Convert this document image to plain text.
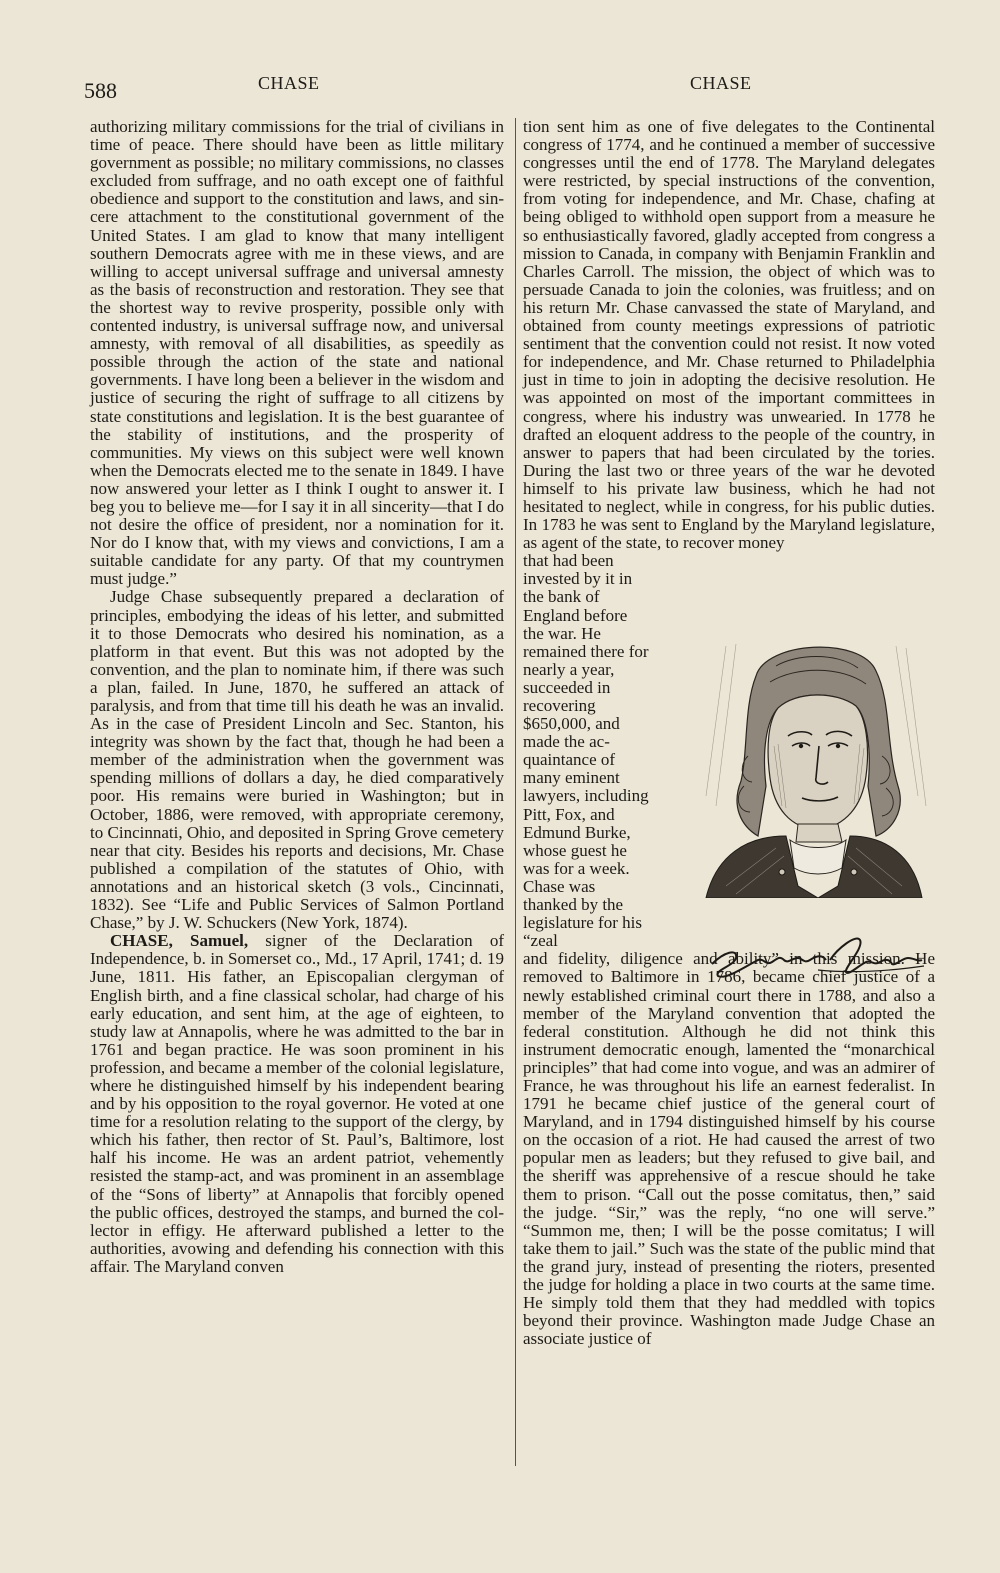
588	CHASE	CHASE

authorizing military commissions for the trial of civilians in time of peace. There should have been as little military government as possible; no military commissions, no classes excluded from suffrage, and no oath except one of faithful obedience and support to the constitution and laws, and sincere attachment to the constitutional government of the United States. I am glad to know that many intelligent southern Democrats agree with me in these views, and are willing to accept universal suffrage and universal amnesty as the basis of reconstruction and restoration. They see that the shortest way to revive prosperity, possible only with contented industry, is universal suffrage now, and universal amnesty, with removal of all disabilities, as speedily as possible through the action of the state and national governments. I have long been a believer in the wisdom and justice of securing the right of suffrage to all citizens by state constitutions and legislation. It is the best guarantee of the stability of institutions, and the prosperity of communities. My views on this subject were well known when the Democrats elected me to the senate in 1849. I have now answered your letter as I think I ought to answer it. I beg you to believe me—for I say it in all sincerity—that I do not desire the office of president, nor a nomination for it. Nor do I know that, with my views and convictions, I am a suitable candidate for any party. Of that my countrymen must judge.”

Judge Chase subsequently prepared a declaration of principles, embodying the ideas of his letter, and submitted it to those Democrats who desired his nomination, as a platform in that event. But this was not adopted by the convention, and the plan to nominate him, if there was such a plan, failed. In June, 1870, he suffered an attack of paralysis, and from that time till his death he was an invalid. As in the case of President Lincoln and Sec. Stanton, his integrity was shown by the fact that, though he had been a member of the administration when the government was spending millions of dollars a day, he died comparatively poor. His remains were buried in Washington; but in October, 1886, were removed, with appropriate ceremony, to Cincinnati, Ohio, and deposited in Spring Grove cemetery near that city. Besides his reports and decisions, Mr. Chase published a compilation of the statutes of Ohio, with annotations and an historical sketch (3 vols., Cincinnati, 1832). See “Life and Public Services of Salmon Portland Chase,” by J. W. Schuckers (New York, 1874).

CHASE, Samuel, signer of the Declaration of Independence, b. in Somerset co., Md., 17 April, 1741; d. 19 June, 1811. His father, an Episcopalian clergyman of English birth, and a fine classical scholar, had charge of his early education, and sent him, at the age of eighteen, to study law at Annapolis, where he was admitted to the bar in 1761 and began practice. He was soon prominent in his profession, and became a member of the colonial legislature, where he distinguished himself by his independent bearing and by his opposition to the royal governor. He voted at one time for a resolution relating to the support of the clergy, by which his father, then rector of St. Paul’s, Baltimore, lost half his income. He was an ardent patriot, vehemently resisted the stamp-act, and was prominent in an assemblage of the “Sons of liberty” at Annapolis that forcibly opened the public offices, destroyed the stamps, and burned the collector in effigy. He afterward published a letter to the authorities, avowing and defending his connection with this affair. The Maryland conven

tion sent him as one of five delegates to the Continental congress of 1774, and he continued a member of successive congresses until the end of 1778. The Maryland delegates were restricted, by special instructions of the convention, from voting for independence, and Mr. Chase, chafing at being obliged to withhold open support from a measure he so enthusiastically favored, gladly accepted from congress a mission to Canada, in company with Benjamin Franklin and Charles Carroll. The mission, the object of which was to persuade Canada to join the colonies, was fruitless; and on his return Mr. Chase canvassed the state of Maryland, and obtained from county meetings expressions of patriotic sentiment that the convention could not resist. It now voted for independence, and Mr. Chase returned to Philadelphia just in time to join in adopting the decisive resolution. He was appointed on most of the important committees in congress, where his industry was unwearied. In 1778 he drafted an eloquent address to the people of the country, in answer to papers that had been circulated by the tories. During the last two or three years of the war he devoted himself to his private law business, which he had not hesitated to neglect, while in congress, for his public duties. In 1783 he was sent to England by the Maryland legislature, as agent of the state, to recover money

that had been invested by it in the bank of England before the war. He remained there for nearly a year, succeeded in recovering $650,000, and made the acquaintance of many eminent lawyers, including Pitt, Fox, and Edmund Burke, whose guest he was for a week. Chase was thanked by the legislature for his “zeal

and fidelity, diligence and ability” in this mission. He removed to Baltimore in 1786, became chief justice of a newly established criminal court there in 1788, and also a member of the Maryland convention that adopted the federal constitution. Although he did not think this instrument democratic enough, lamented the “monarchical principles” that had come into vogue, and was an admirer of France, he was throughout his life an earnest federalist. In 1791 he became chief justice of the general court of Maryland, and in 1794 distinguished himself by his course on the occasion of a riot. He had caused the arrest of two popular men as leaders; but they refused to give bail, and the sheriff was apprehensive of a rescue should he take them to prison. “Call out the posse comitatus, then,” said the judge. “Sir,” was the reply, “no one will serve.” “Summon me, then; I will be the posse comitatus; I will take them to jail.” Such was the state of the public mind that the grand jury, instead of presenting the rioters, presented the judge for holding a place in two courts at the same time. He simply told them that they had meddled with topics beyond their province. Washington made Judge Chase an associate justice of
